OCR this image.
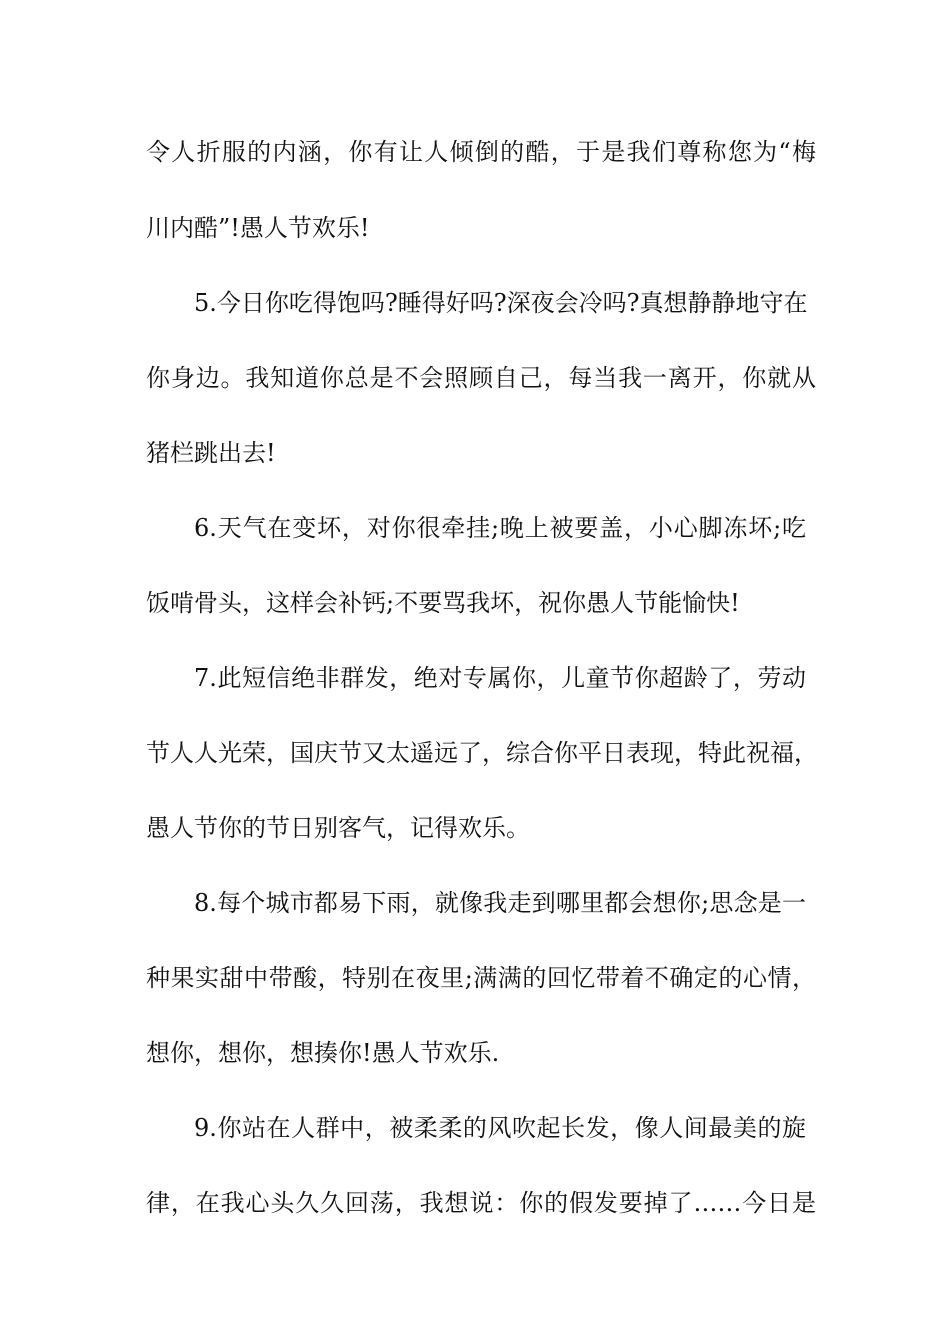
令人折服的内涵，你有让人倾倒的酷，于是我们尊称您为“梅
川内酷”!愚人节欢乐!
5.今日你吃得饱吗?睡得好吗?深夜会冷吗?真想静静地守在
你身边。我知道你总是不会照顾自己，每当我一离开，你就从
猪栏跳出去!
6.天气在变坏，对你很牵挂;晚上被要盖，小心脚冻坏;吃
饭啃骨头，这样会补钙;不要骂我坏，祝你愚人节能愉快!
7.此短信绝非群发，绝对专属你，儿童节你超龄了，劳动
节人人光荣，国庆节又太遥远了，综合你平日表现，特此祝福，
愚人节你的节日别客气，记得欢乐。
8.每个城市都易下雨，就像我走到哪里都会想你;思念是一
种果实甜中带酸，特别在夜里;满满的回忆带着不确定的心情，
想你，想你，想揍你!愚人节欢乐.
9.你站在人群中，被柔柔的风吹起长发，像人间最美的旋
律，在我心头久久回荡，我想说：你的假发要掉了……今日是
